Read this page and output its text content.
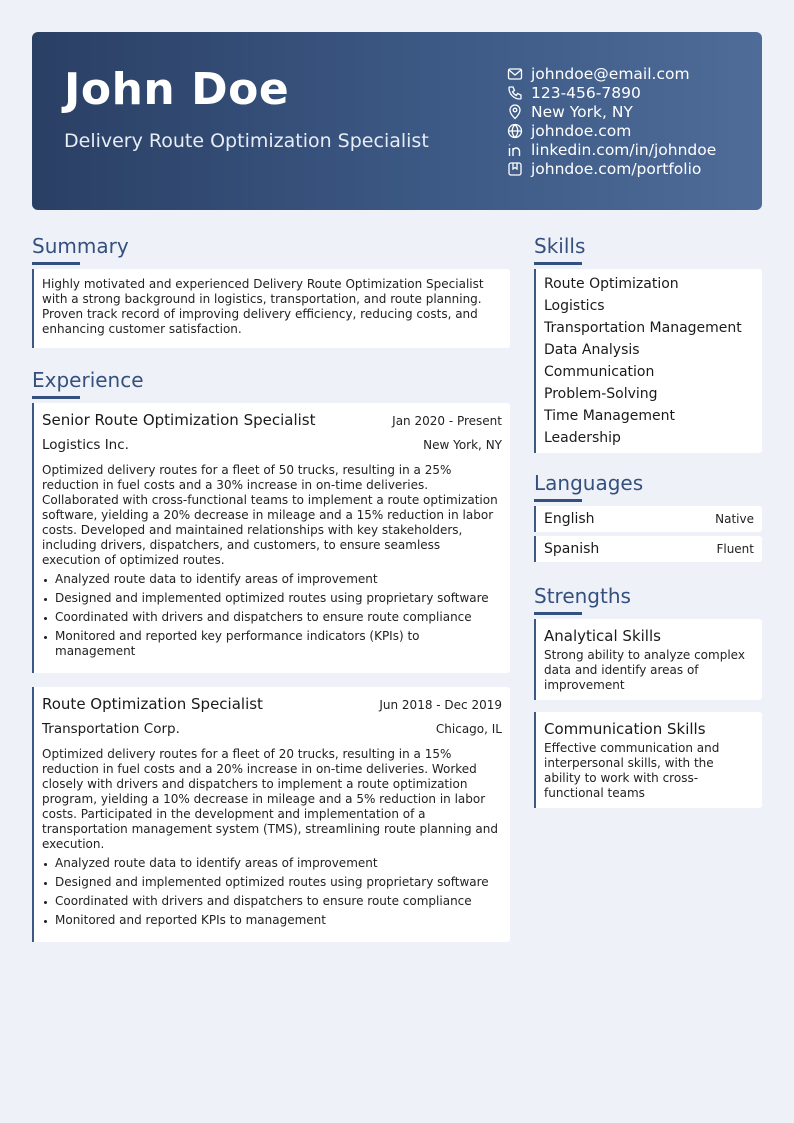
John Doe
Delivery Route Optimization Specialist
johndoe@email.com
123-456-7890
New York, NY
johndoe.com
linkedin.com/in/johndoe
johndoe.com/portfolio
Summary
Highly motivated and experienced Delivery Route Optimization Specialist with a strong background in logistics, transportation, and route planning. Proven track record of improving delivery efficiency, reducing costs, and enhancing customer satisfaction.
Experience
Senior Route Optimization Specialist	Jan 2020 - Present
Logistics Inc.	New York, NY
Optimized delivery routes for a fleet of 50 trucks, resulting in a 25% reduction in fuel costs and a 30% increase in on-time deliveries. Collaborated with cross-functional teams to implement a route optimization software, yielding a 20% decrease in mileage and a 15% reduction in labor costs. Developed and maintained relationships with key stakeholders, including drivers, dispatchers, and customers, to ensure seamless execution of optimized routes.
Analyzed route data to identify areas of improvement
Designed and implemented optimized routes using proprietary software
Coordinated with drivers and dispatchers to ensure route compliance
Monitored and reported key performance indicators (KPIs) to management
Route Optimization Specialist	Jun 2018 - Dec 2019
Transportation Corp.	Chicago, IL
Optimized delivery routes for a fleet of 20 trucks, resulting in a 15% reduction in fuel costs and a 20% increase in on-time deliveries. Worked closely with drivers and dispatchers to implement a route optimization program, yielding a 10% decrease in mileage and a 5% reduction in labor costs. Participated in the development and implementation of a transportation management system (TMS), streamlining route planning and execution.
Analyzed route data to identify areas of improvement
Designed and implemented optimized routes using proprietary software
Coordinated with drivers and dispatchers to ensure route compliance
Monitored and reported KPIs to management
Skills
Route Optimization
Logistics
Transportation Management
Data Analysis
Communication
Problem-Solving
Time Management
Leadership
Languages
English	Native
Spanish	Fluent
Strengths
Analytical Skills
Strong ability to analyze complex data and identify areas of improvement
Communication Skills
Effective communication and interpersonal skills, with the ability to work with cross-functional teams
